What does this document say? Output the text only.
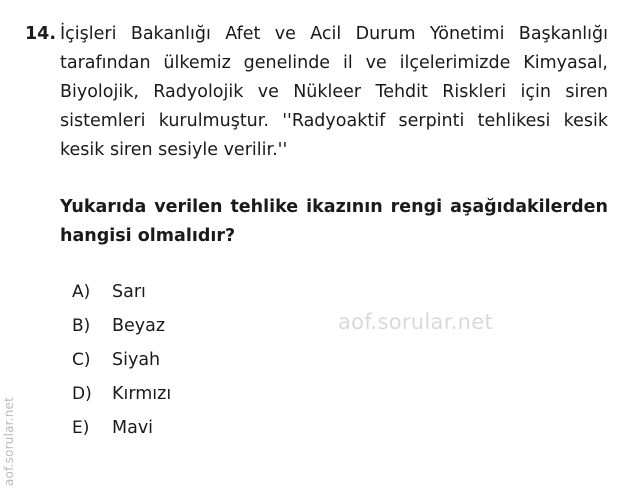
aof.sorular.net
aof.sorular.net
14. İçişleri Bakanlığı Afet ve Acil Durum Yönetimi Başkanlığı tarafından ülkemiz genelinde il ve ilçelerimizde Kimyasal, Biyolojik, Radyolojik ve Nükleer Tehdit Riskleri için siren sistemleri kurulmuştur. ''Radyoaktif serpinti tehlikesi kesik kesik siren sesiyle verilir.''

Yukarıda verilen tehlike ikazının rengi aşağıdakilerden hangisi olmalıdır?

A)	Sarı
B)	Beyaz
C)	Siyah
D)	Kırmızı
E)	Mavi
